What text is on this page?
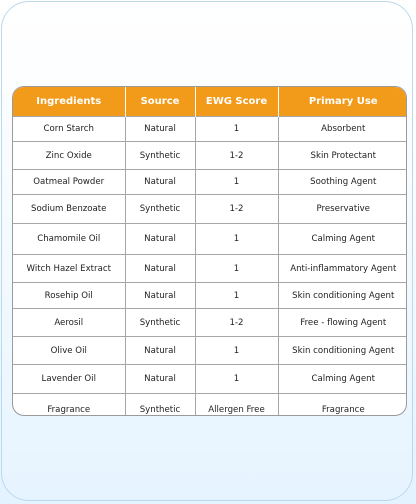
Ingredients	Source	EWG Score	Primary Use
Corn Starch	Natural	1	Absorbent
Zinc Oxide	Synthetic	1-2	Skin Protectant
Oatmeal Powder	Natural	1	Soothing Agent
Sodium Benzoate	Synthetic	1-2	Preservative
Chamomile Oil	Natural	1	Calming Agent
Witch Hazel Extract	Natural	1	Anti-inflammatory Agent
Rosehip Oil	Natural	1	Skin conditioning Agent
Aerosil	Synthetic	1-2	Free - flowing Agent
Olive Oil	Natural	1	Skin conditioning Agent
Lavender Oil	Natural	1	Calming Agent
Fragrance	Synthetic	Allergen Free	Fragrance
